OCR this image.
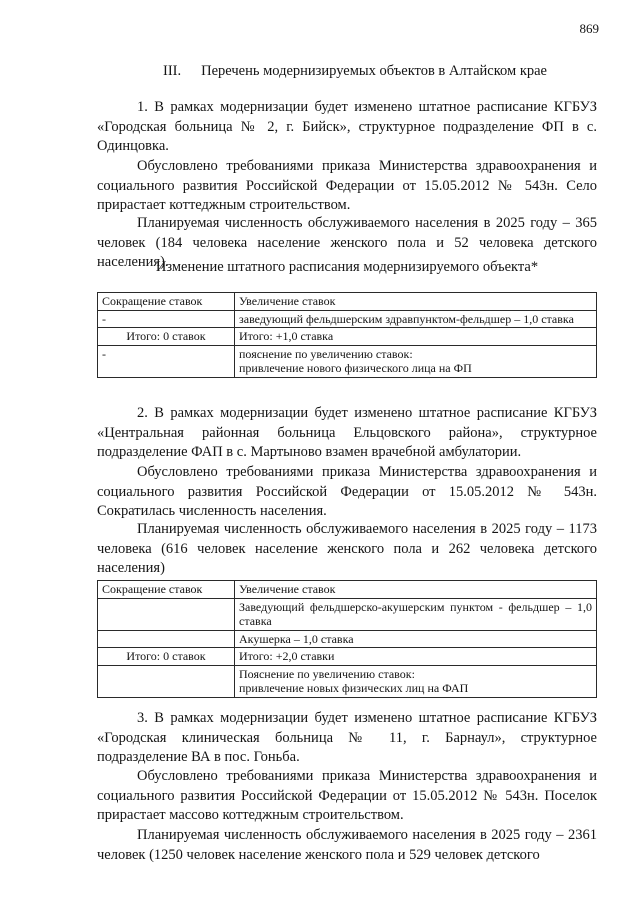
869
III. Перечень модернизируемых объектов в Алтайском крае

1. В рамках модернизации будет изменено штатное расписание КГБУЗ «Городская больница № 2, г. Бийск», структурное подразделение ФП в с. Одинцовка.

Обусловлено требованиями приказа Министерства здравоохранения и социального развития Российской Федерации от 15.05.2012 № 543н. Село прирастает коттеджным строительством.

Планируемая численность обслуживаемого населения в 2025 году – 365 человек (184 человека население женского пола и 52 человека детского населения).

Изменение штатного расписания модернизируемого объекта*
Сокращение ставок	Увеличение ставок
-	заведующий фельдшерским здравпунктом-фельдшер – 1,0 ставка
Итого: 0 ставок	Итого: +1,0 ставка
-	пояснение по увеличению ставок:
привлечение нового физического лица на ФП

2. В рамках модернизации будет изменено штатное расписание КГБУЗ «Центральная районная больница Ельцовского района», структурное подразделение ФАП в с. Мартыново взамен врачебной амбулатории.

Обусловлено требованиями приказа Министерства здравоохранения и социального развития Российской Федерации от 15.05.2012 № 543н. Сократилась численность населения.

Планируемая численность обслуживаемого населения в 2025 году – 1173 человека (616 человек население женского пола и 262 человека детского населения)

Сокращение ставок	Увеличение ставок
	Заведующий фельдшерско-акушерским пунктом - фельдшер – 1,0 ставка
	Акушерка – 1,0 ставка
Итого: 0 ставок	Итого: +2,0 ставки

	Пояснение по увеличению ставок:
привлечение новых физических лиц на ФАП

3. В рамках модернизации будет изменено штатное расписание КГБУЗ «Городская клиническая больница № 11, г. Барнаул», структурное подразделение ВА в пос. Гоньба.

Обусловлено требованиями приказа Министерства здравоохранения и социального развития Российской Федерации от 15.05.2012 № 543н. Поселок прирастает массово коттеджным строительством.

Планируемая численность обслуживаемого населения в 2025 году – 2361 человек (1250 человек население женского пола и 529 человек детского
